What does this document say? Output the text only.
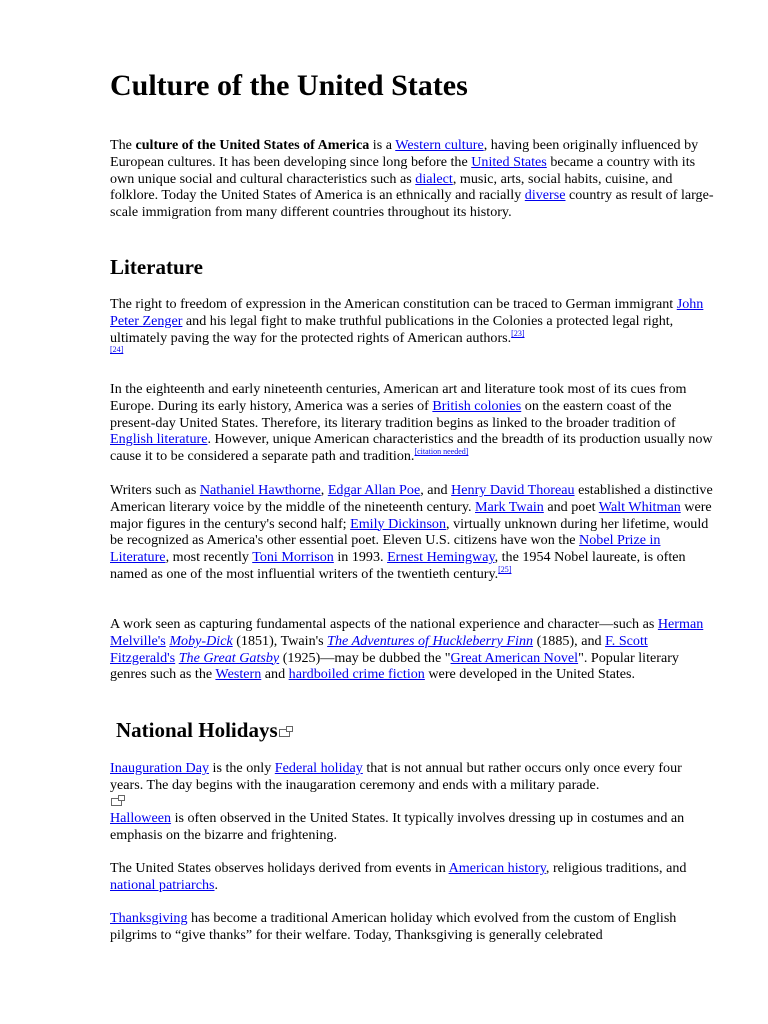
Culture of the United States

The culture of the United States of America is a Western culture, having been originally influenced by European cultures. It has been developing since long before the United States became a country with its own unique social and cultural characteristics such as dialect, music, arts, social habits, cuisine, and folklore. Today the United States of America is an ethnically and racially diverse country as result of large-scale immigration from many different countries throughout its history.

Literature

The right to freedom of expression in the American constitution can be traced to German immigrant John Peter Zenger and his legal fight to make truthful publications in the Colonies a protected legal right, ultimately paving the way for the protected rights of American authors.[23]
[24]

In the eighteenth and early nineteenth centuries, American art and literature took most of its cues from Europe. During its early history, America was a series of British colonies on the eastern coast of the present-day United States. Therefore, its literary tradition begins as linked to the broader tradition of English literature. However, unique American characteristics and the breadth of its production usually now cause it to be considered a separate path and tradition.[citation needed]

Writers such as Nathaniel Hawthorne, Edgar Allan Poe, and Henry David Thoreau established a distinctive American literary voice by the middle of the nineteenth century. Mark Twain and poet Walt Whitman were major figures in the century's second half; Emily Dickinson, virtually unknown during her lifetime, would be recognized as America's other essential poet. Eleven U.S. citizens have won the Nobel Prize in Literature, most recently Toni Morrison in 1993. Ernest Hemingway, the 1954 Nobel laureate, is often named as one of the most influential writers of the twentieth century.[25]

A work seen as capturing fundamental aspects of the national experience and character—such as Herman Melville's Moby-Dick (1851), Twain's The Adventures of Huckleberry Finn (1885), and F. Scott Fitzgerald's The Great Gatsby (1925)—may be dubbed the "Great American Novel". Popular literary genres such as the Western and hardboiled crime fiction were developed in the United States.

National Holidays

Inauguration Day is the only Federal holiday that is not annual but rather occurs only once every four years. The day begins with the inaugaration ceremony and ends with a military parade.

Halloween is often observed in the United States. It typically involves dressing up in costumes and an emphasis on the bizarre and frightening.

The United States observes holidays derived from events in American history, religious traditions, and national patriarchs.

Thanksgiving has become a traditional American holiday which evolved from the custom of English pilgrims to “give thanks” for their welfare. Today, Thanksgiving is generally celebrated
